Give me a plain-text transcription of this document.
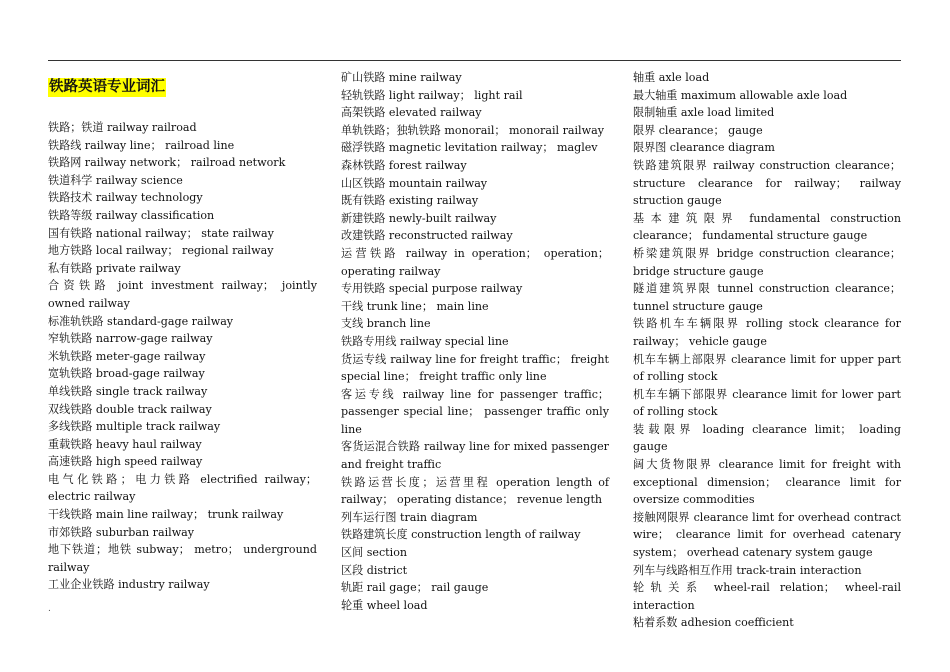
铁路英语专业词汇

铁路；铁道 railway railroad

铁路线 railway line； railroad line

铁路网 railway network； railroad network

铁道科学 railway science

铁路技术 railway technology

铁路等级 railway classification

国有铁路 national railway； state railway

地方铁路 local railway； regional railway

私有铁路 private railway

合资铁路 joint investment railway； jointly owned railway

标准轨铁路 standard-gage railway

窄轨铁路 narrow-gage railway

米轨铁路 meter-gage railway

宽轨铁路 broad-gage railway

单线铁路 single track railway

双线铁路 double track railway

多线铁路 multiple track railway

重载铁路 heavy haul railway

高速铁路 high speed railway

电气化铁路；电力铁路 electrified railway； electric railway

干线铁路 main line railway； trunk railway

市郊铁路 suburban railway

地下铁道；地铁 subway； metro； underground railway

工业企业铁路 industry railway

矿山铁路 mine railway

轻轨铁路 light railway； light rail

高架铁路 elevated railway

单轨铁路；独轨铁路 monorail； monorail railway

磁浮铁路 magnetic levitation railway； maglev

森林铁路 forest railway

山区铁路 mountain railway

既有铁路 existing railway

新建铁路 newly-built railway

改建铁路 reconstructed railway

运营铁路 railway in operation； operation； operating railway

专用铁路 special purpose railway

干线 trunk line； main line

支线 branch line

铁路专用线 railway special line

货运专线 railway line for freight traffic； freight special line； freight traffic only line

客运专线 railway line for passenger traffic； passenger special line； passenger traffic only line

客货运混合铁路 railway line for mixed passenger and freight traffic

铁路运营长度；运营里程 operation length of railway； operating distance； revenue length

列车运行图 train diagram

铁路建筑长度 construction length of railway

区间 section

区段 district

轨距 rail gage； rail gauge

轮重 wheel load

轴重 axle load

最大轴重 maximum allowable axle load

限制轴重 axle load limited

限界 clearance； gauge

限界图 clearance diagram

铁路建筑限界 railway construction clearance； structure clearance for railway； railway struction gauge

基本建筑限界 fundamental construction clearance； fundamental structure gauge

桥梁建筑限界 bridge construction clearance； bridge structure gauge

隧道建筑界限 tunnel construction clearance； tunnel structure gauge

铁路机车车辆限界 rolling stock clearance for railway； vehicle gauge

机车车辆上部限界 clearance limit for upper part of rolling stock

机车车辆下部限界 clearance limit for lower part of rolling stock

装载限界 loading clearance limit； loading gauge

阔大货物限界 clearance limit for freight with exceptional dimension； clearance limit for oversize commodities

接触网限界 clearance limt for overhead contract wire； clearance limit for overhead catenary system； overhead catenary system gauge

列车与线路相互作用 track-train interaction

轮轨关系 wheel-rail relation； wheel-rail interaction

粘着系数 adhesion coefficient

.
